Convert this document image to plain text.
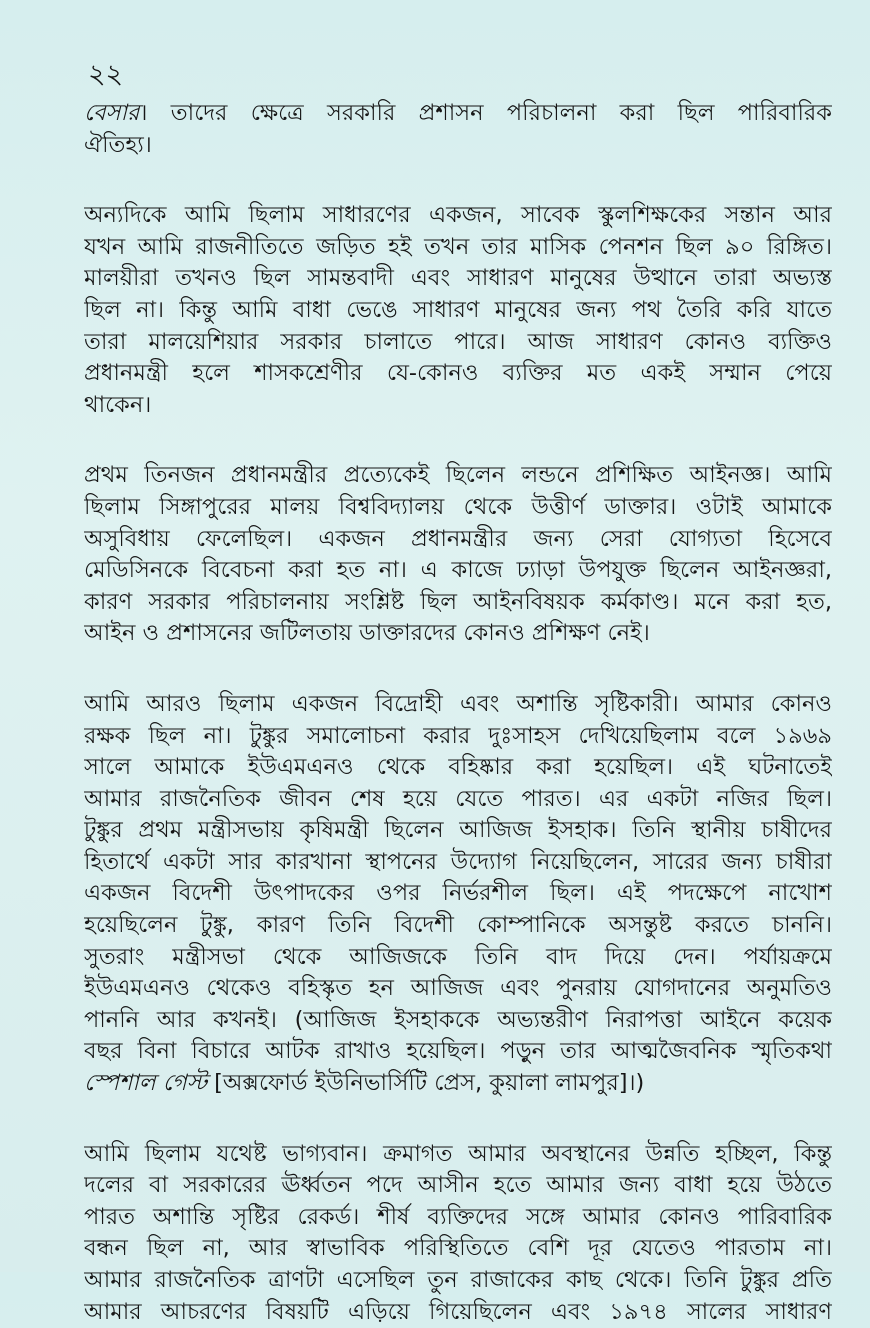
২২
বেসার। তাদের ক্ষেত্রে সরকারি প্রশাসন পরিচালনা করা ছিল পারিবারিক
ঐতিহ্য।
অন্যদিকে আমি ছিলাম সাধারণের একজন, সাবেক স্কুলশিক্ষকের সন্তান আর
যখন আমি রাজনীতিতে জড়িত হই তখন তার মাসিক পেনশন ছিল ৯০ রিঙ্গিত।
মালয়ীরা তখনও ছিল সামন্তবাদী এবং সাধারণ মানুষের উত্থানে তারা অভ্যস্ত
ছিল না। কিন্তু আমি বাধা ভেঙে সাধারণ মানুষের জন্য পথ তৈরি করি যাতে
তারা মালয়েশিয়ার সরকার চালাতে পারে। আজ সাধারণ কোনও ব্যক্তিও
প্রধানমন্ত্রী হলে শাসকশ্রেণীর যে-কোনও ব্যক্তির মত একই সম্মান পেয়ে
থাকেন।
প্রথম তিনজন প্রধানমন্ত্রীর প্রত্যেকেই ছিলেন লন্ডনে প্রশিক্ষিত আইনজ্ঞ। আমি
ছিলাম সিঙ্গাপুরের মালয় বিশ্ববিদ্যালয় থেকে উত্তীর্ণ ডাক্তার। ওটাই আমাকে
অসুবিধায় ফেলেছিল। একজন প্রধানমন্ত্রীর জন্য সেরা যোগ্যতা হিসেবে
মেডিসিনকে বিবেচনা করা হত না। এ কাজে ঢ্যাড়া উপযুক্ত ছিলেন আইনজ্ঞরা,
কারণ সরকার পরিচালনায় সংশ্লিষ্ট ছিল আইনবিষয়ক কর্মকাণ্ড। মনে করা হত,
আইন ও প্রশাসনের জটিলতায় ডাক্তারদের কোনও প্রশিক্ষণ নেই।
আমি আরও ছিলাম একজন বিদ্রোহী এবং অশান্তি সৃষ্টিকারী। আমার কোনও
রক্ষক ছিল না। টুঙ্কুর সমালোচনা করার দুঃসাহস দেখিয়েছিলাম বলে ১৯৬৯
সালে আমাকে ইউএমএনও থেকে বহিষ্কার করা হয়েছিল। এই ঘটনাতেই
আমার রাজনৈতিক জীবন শেষ হয়ে যেতে পারত। এর একটা নজির ছিল।
টুঙ্কুর প্রথম মন্ত্রীসভায় কৃষিমন্ত্রী ছিলেন আজিজ ইসহাক। তিনি স্থানীয় চাষীদের
হিতার্থে একটা সার কারখানা স্থাপনের উদ্যোগ নিয়েছিলেন, সারের জন্য চাষীরা
একজন বিদেশী উৎপাদকের ওপর নির্ভরশীল ছিল। এই পদক্ষেপে নাখোশ
হয়েছিলেন টুঙ্কু, কারণ তিনি বিদেশী কোম্পানিকে অসন্তুষ্ট করতে চাননি।
সুতরাং মন্ত্রীসভা থেকে আজিজকে তিনি বাদ দিয়ে দেন। পর্যায়ক্রমে
ইউএমএনও থেকেও বহিস্কৃত হন আজিজ এবং পুনরায় যোগদানের অনুমতিও
পাননি আর কখনই। (আজিজ ইসহাককে অভ্যন্তরীণ নিরাপত্তা আইনে কয়েক
বছর বিনা বিচারে আটক রাখাও হয়েছিল। পড়ুন তার আত্মজৈবনিক স্মৃতিকথা
স্পেশাল গেস্ট [অক্সফোর্ড ইউনিভার্সিটি প্রেস, কুয়ালা লামপুর]।)
আমি ছিলাম যথেষ্ট ভাগ্যবান। ক্রমাগত আমার অবস্থানের উন্নতি হচ্ছিল, কিন্তু
দলের বা সরকারের ঊর্ধ্বতন পদে আসীন হতে আমার জন্য বাধা হয়ে উঠতে
পারত অশান্তি সৃষ্টির রেকর্ড। শীর্ষ ব্যক্তিদের সঙ্গে আমার কোনও পারিবারিক
বন্ধন ছিল না, আর স্বাভাবিক পরিস্থিতিতে বেশি দূর যেতেও পারতাম না।
আমার রাজনৈতিক ত্রাণটা এসেছিল তুন রাজাকের কাছ থেকে। তিনি টুঙ্কুর প্রতি
আমার আচরণের বিষয়টি এড়িয়ে গিয়েছিলেন এবং ১৯৭৪ সালের সাধারণ
